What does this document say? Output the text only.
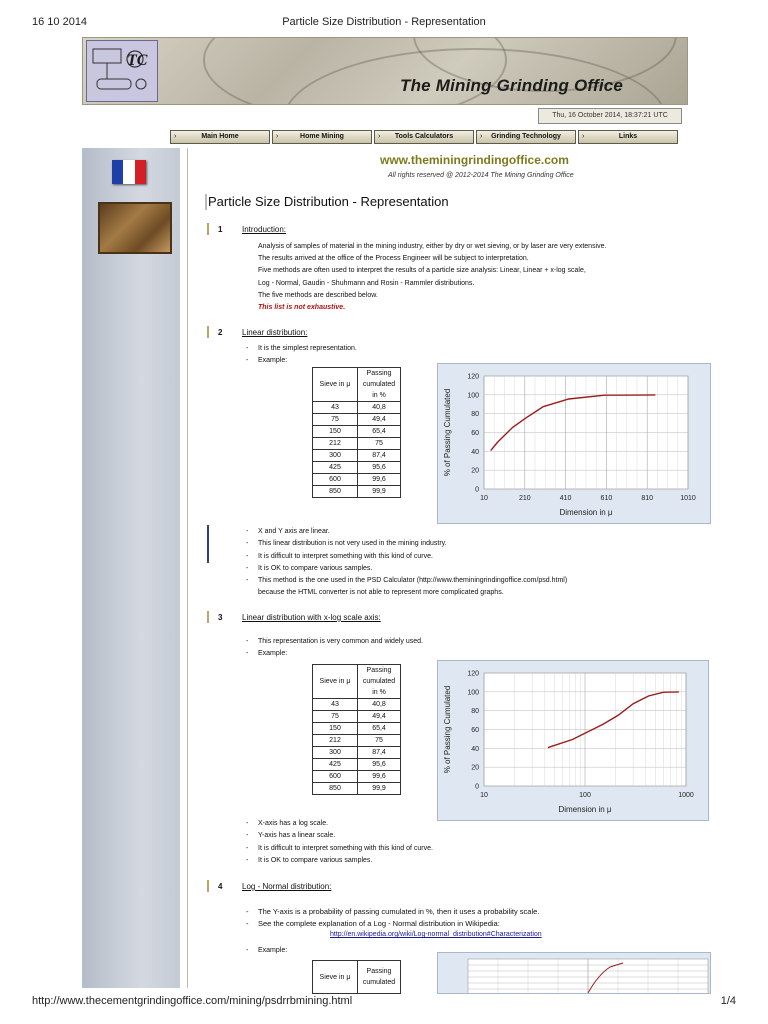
16 10 2014	Particle Size Distribution - Representation
http://www.thecementgrindingoffice.com/mining/psdrrbmining.html	1/4
TC
The Mining Grinding Office
Thu, 16 October 2014, 18:37:21 UTC
›	Main Home	›	Home Mining	› Tools Calculators	› Grinding Technology	›	Links
www.theminingrindingoffice.com
All rights reserved @ 2012-2014 The Mining Grinding Office
Particle Size Distribution - Representation
1 Introduction:
Analysis of samples of material in the mining industry, either by dry or wet sieving, or by laser are very extensive.
The results arrived at the office of the Process Engineer will be subject to interpretation.
Five methods are often used to interpret the results of a particle size analysis: Linear, Linear + x-log scale,
Log - Normal, Gaudin - Shuhmann and Rosin - Rammler distributions.
The five methods are described below.
This list is not exhaustive.
2 Linear distribution:
- It is the simplest representation.
- Example:
Sieve in μ	Passing
cumulated
in %

43	40,8
75	49,4
150	65,4
212	75
300	87,4
425	95,6
600	99,6
850	99,9	0
20
40
60
80
100
120
10	210	410	610	810	1010
Dimension in μ
% of Passing Cumulated
- X and Y axis are linear.
- This linear distribution is not very used in the mining industry.
- It is difficult to interpret something with this kind of curve.
- It is OK to compare various samples.
- This method is the one used in the PSD Calculator (http://www.theminingrindingoffice.com/psd.html)
because the HTML converter is not able to represent more complicated graphs.
3 Linear distribution with x-log scale axis:
- This representation is very common and widely used.
- Example:
Sieve in μ	Passing
cumulated
in %

43	40,8
75	49,4
150	65,4
212	75
300	87,4
425	95,6
600	99,6
850	99,9	0
20
40
60
80
100
120
10	100	1000
Dimension in μ
% of Passing Cumulated
- X-axis has a log scale.
- Y-axis has a linear scale.
- It is difficult to interpret something with this kind of curve.
- It is OK to compare various samples.
4 Log - Normal distribution:
- The Y-axis is a probability of passing cumulated in %, then it uses a probability scale.
- See the complete explanation of a Log - Normal distribution in Wikipedia:
http://en.wikipedia.org/wiki/Log-normal_distribution#Characterization
- Example:
Sieve in μ	
Passing
cumulated
